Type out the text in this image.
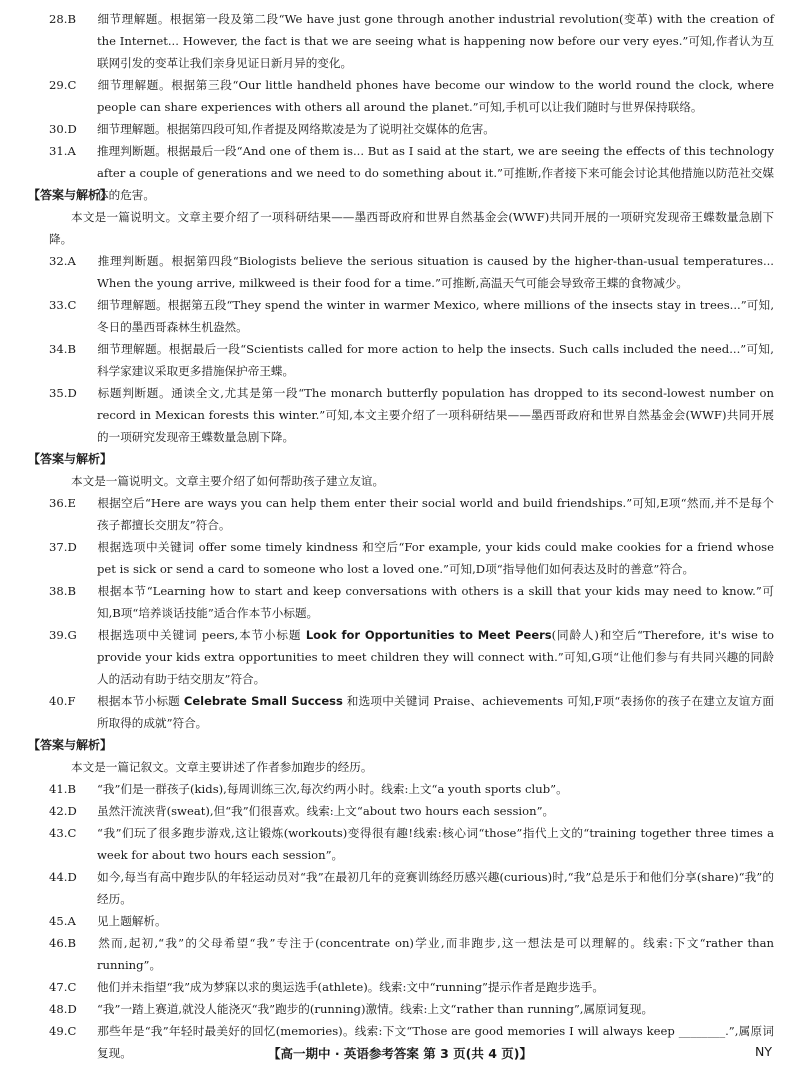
28.B	细节理解题。根据第一段及第二段“We have just gone through another industrial revolution(变革) with the creation of the Internet... However, the fact is that we are seeing what is happening now before our very eyes.”可知,作者认为互联网引发的变革让我们亲身见证日新月异的变化。
29.C	细节理解题。根据第三段“Our little handheld phones have become our window to the world round the clock, where people can share experiences with others all around the planet.”可知,手机可以让我们随时与世界保持联络。
30.D	细节理解题。根据第四段可知,作者提及网络欺凌是为了说明社交媒体的危害。
31.A	推理判断题。根据最后一段“And one of them is... But as I said at the start, we are seeing the effects of this technology after a couple of generations and we need to do something about it.”可推断,作者接下来可能会讨论其他措施以防范社交媒体的危害。
【答案与解析】
本文是一篇说明文。文章主要介绍了一项科研结果——墨西哥政府和世界自然基金会(WWF)共同开展的一项研究发现帝王蝶数量急剧下降。
32.A	推理判断题。根据第四段“Biologists believe the serious situation is caused by the higher-than-usual temperatures... When the young arrive, milkweed is their food for a time.”可推断,高温天气可能会导致帝王蝶的食物减少。
33.C	细节理解题。根据第五段“They spend the winter in warmer Mexico, where millions of the insects stay in trees...”可知,冬日的墨西哥森林生机盎然。
34.B	细节理解题。根据最后一段“Scientists called for more action to help the insects. Such calls included the need...”可知,科学家建议采取更多措施保护帝王蝶。
35.D	标题判断题。通读全文,尤其是第一段“The monarch butterfly population has dropped to its second-lowest number on record in Mexican forests this winter.”可知,本文主要介绍了一项科研结果——墨西哥政府和世界自然基金会(WWF)共同开展的一项研究发现帝王蝶数量急剧下降。
【答案与解析】
本文是一篇说明文。文章主要介绍了如何帮助孩子建立友谊。
36.E	根据空后“Here are ways you can help them enter their social world and build friendships.”可知,E项“然而,并不是每个孩子都擅长交朋友”符合。
37.D	根据选项中关键词 offer some timely kindness 和空后“For example, your kids could make cookies for a friend whose pet is sick or send a card to someone who lost a loved one.”可知,D项“指导他们如何表达及时的善意”符合。
38.B	根据本节“Learning how to start and keep conversations with others is a skill that your kids may need to know.”可知,B项“培养谈话技能”适合作本节小标题。
39.G	根据选项中关键词 peers,本节小标题 Look for Opportunities to Meet Peers(同龄人)和空后“Therefore, it's wise to provide your kids extra opportunities to meet children they will connect with.”可知,G项“让他们参与有共同兴趣的同龄人的活动有助于结交朋友”符合。
40.F	根据本节小标题 Celebrate Small Success 和选项中关键词 Praise、achievements 可知,F项“表扬你的孩子在建立友谊方面所取得的成就”符合。
【答案与解析】
本文是一篇记叙文。文章主要讲述了作者参加跑步的经历。
41.B	“我”们是一群孩子(kids),每周训练三次,每次约两小时。线索:上文“a youth sports club”。
42.D	虽然汗流浃背(sweat),但“我”们很喜欢。线索:上文“about two hours each session”。
43.C	“我”们玩了很多跑步游戏,这让锻炼(workouts)变得很有趣!线索:核心词“those”指代上文的“training together three times a week for about two hours each session”。
44.D	如今,每当有高中跑步队的年轻运动员对“我”在最初几年的竞赛训练经历感兴趣(curious)时,“我”总是乐于和他们分享(share)“我”的经历。
45.A	见上题解析。
46.B	然而,起初,“我”的父母希望“我”专注于(concentrate on)学业,而非跑步,这一想法是可以理解的。线索:下文“rather than running”。
47.C	他们并未指望“我”成为梦寐以求的奥运选手(athlete)。线索:文中“running”提示作者是跑步选手。
48.D	“我”一踏上赛道,就没人能浇灭“我”跑步的(running)激情。线索:上文“rather than running”,属原词复现。
49.C	那些年是“我”年轻时最美好的回忆(memories)。线索:下文“Those are good memories I will always keep ________.”,属原词复现。	【高一期中 · 英语参考答案 第 3 页(共 4 页)】	NY
